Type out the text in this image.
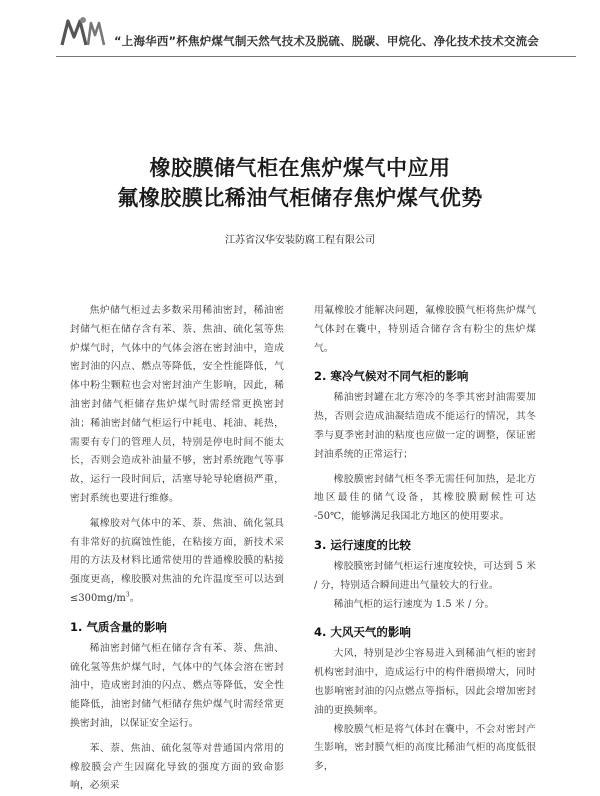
MJM
“上海华西”杯焦炉煤气制天然气技术及脱硫、脱碳、甲烷化、净化技术技术交流会
橡胶膜储气柜在焦炉煤气中应用
氟橡胶膜比稀油气柜储存焦炉煤气优势
江苏省汉华安装防腐工程有限公司

焦炉储气柜过去多数采用稀油密封，稀油密封储气柜在储存含有苯、萘、焦油、硫化氢等焦炉煤气时，气体中的气体会溶在密封油中，造成密封油的闪点、燃点等降低，安全性能降低，气体中粉尘颗粒也会对密封油产生影响，因此，稀油密封储气柜储存焦炉煤气时需经常更换密封油；稀油密封储气柜运行中耗电、耗油、耗热，需要有专门的管理人员，特别是停电时间不能太长，否则会造成补油量不够，密封系统跑气等事故，运行一段时间后，活塞导轮导轮磨损严重，密封系统也要进行维修。

氟橡胶对气体中的苯、萘、焦油、硫化氢具有非常好的抗腐蚀性能，在粘接方面，新技术采用的方法及材料比通常使用的普通橡胶膜的粘接强度更高，橡胶膜对焦油的允许温度至可以达到$\le 300mg/m^3$。

1. 气质含量的影响

稀油密封储气柜在储存含有苯、萘、焦油、硫化氢等焦炉煤气时，气体中的气体会溶在密封油中，造成密封油的闪点、燃点等降低，安全性能降低，油密封储气柜储存焦炉煤气时需经常更换密封油，以保证安全运行。

苯、萘、焦油、硫化氢等对普通国内常用的橡胶膜会产生因腐化导致的强度方面的致命影响，必须采

用氟橡胶才能解决问题，氟橡胶膜气柜将焦炉煤气气体封在囊中，特别适合储存含有粉尘的焦炉煤气。

2. 寒冷气候对不同气柜的影响

稀油密封罐在北方寒冷的冬季其密封油需要加热，否则会造成油凝结造成不能运行的情况，其冬季与夏季密封油的粘度也应做一定的调整，保证密封油系统的正常运行；

橡胶膜密封储气柜冬季无需任何加热，是北方地区最佳的储气设备，其橡胶膜耐候性可达 -50℃，能够满足我国北方地区的使用要求。

3. 运行速度的比较

橡胶膜密封储气柜运行速度较快，可达到 5 米 / 分，特别适合瞬间进出气量较大的行业。

稀油气柜的运行速度为 1.5 米 / 分。

4. 大风天气的影响

大风，特别是沙尘容易进入到稀油气柜的密封机构密封油中，造成运行中的构件磨损增大，同时也影响密封油的闪点燃点等指标，因此会增加密封油的更换频率。

橡胶膜气柜是将气体封在囊中，不会对密封产生影响，密封膜气柜的高度比稀油气柜的高度低很多，
